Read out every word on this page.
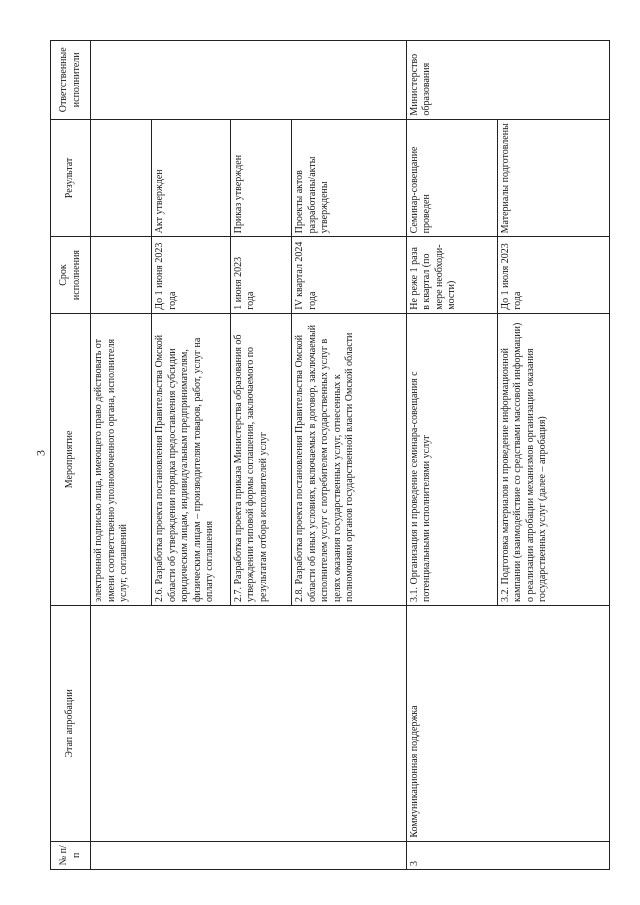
3
№ п/п	Этап апробации	Мероприятие	Срок исполнения	Результат	Ответственные исполнители
		электронной подписью лица, имеющего право действовать от имени соответственно уполномоченного органа, исполнителя услуг, соглашений			
		2.6. Разработка проекта постановления Правительства Омской области об утверждении порядка предоставления субсидии юридическим лицам, индивидуальным предпринимателям, физическим лицам – производителям товаров, работ, услуг на оплату соглашения	До 1 июня 2023 года	Акт утвержден	
		2.7. Разработка проекта приказа Министерства образования об утверждении типовой формы соглашения, заключаемого по результатам отбора исполнителей услуг	1 июня 2023 года	Приказ утвержден	
		2.8. Разработка проекта постановления Правительства Омской области об иных условиях, включаемых в договор, заключаемый исполнителем услуг с потребителем государственных услуг в целях оказания государственных услуг, отнесенных к полномочиям органов государственной власти Омской области	IV квартал 2024 года	Проекты актов разработаны/акты утверждены	
3	Коммуникационная поддержка	3.1. Организация и проведение семинара-совещания с потенциальными исполнителями услуг	Не реже 1 раза в квартал (по мере необходи-мости)	Семинар-совещание проведен	Министерство образования
		3.2. Подготовка материалов и проведение информационной кампании (взаимодействие со средствами массовой информации) о реализации апробации механизмов организации оказания государственных услуг (далее – апробация)	До 1 июля 2023 года	Материалы подготовлены	
